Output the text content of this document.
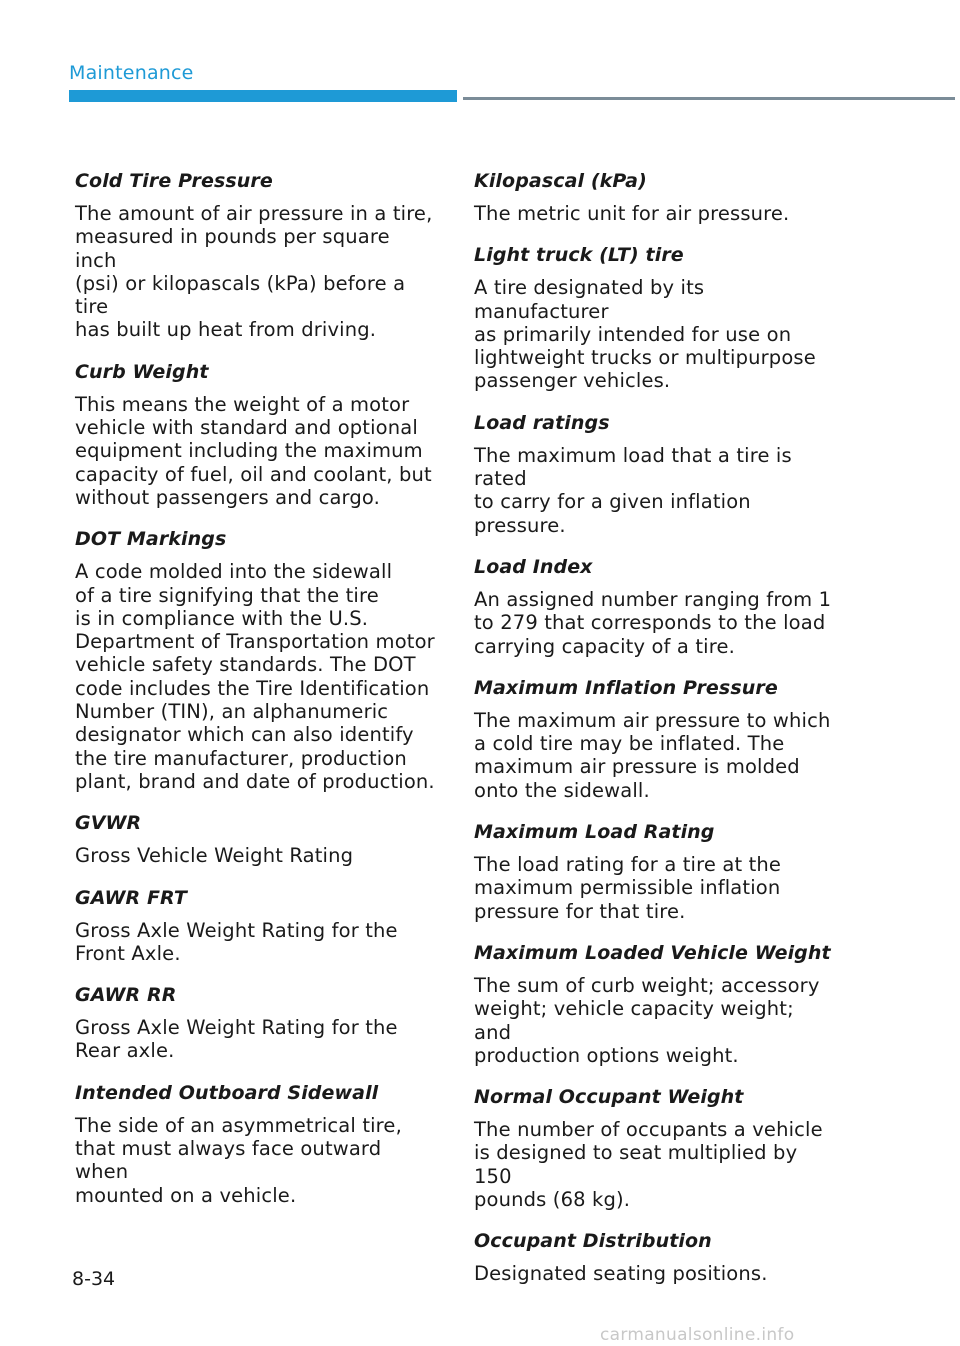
Maintenance
Cold Tire Pressure
The amount of air pressure in a tire,
measured in pounds per square inch
(psi) or kilopascals (kPa) before a tire
has built up heat from driving.
Curb Weight
This means the weight of a motor
vehicle with standard and optional
equipment including the maximum
capacity of fuel, oil and coolant, but
without passengers and cargo.
DOT Markings
A code molded into the sidewall
of a tire signifying that the tire
is in compliance with the U.S.
Department of Transportation motor
vehicle safety standards. The DOT
code includes the Tire Identification
Number (TIN), an alphanumeric
designator which can also identify
the tire manufacturer, production
plant, brand and date of production.
GVWR
Gross Vehicle Weight Rating
GAWR FRT
Gross Axle Weight Rating for the
Front Axle.
GAWR RR
Gross Axle Weight Rating for the
Rear axle.
Intended Outboard Sidewall
The side of an asymmetrical tire,
that must always face outward when
mounted on a vehicle.
Kilopascal (kPa)
The metric unit for air pressure.
Light truck (LT) tire
A tire designated by its manufacturer
as primarily intended for use on
lightweight trucks or multipurpose
passenger vehicles.
Load ratings
The maximum load that a tire is rated
to carry for a given inflation pressure.
Load Index
An assigned number ranging from 1
to 279 that corresponds to the load
carrying capacity of a tire.
Maximum Inflation Pressure
The maximum air pressure to which
a cold tire may be inflated. The
maximum air pressure is molded
onto the sidewall.
Maximum Load Rating
The load rating for a tire at the
maximum permissible inflation
pressure for that tire.
Maximum Loaded Vehicle Weight
The sum of curb weight; accessory
weight; vehicle capacity weight; and
production options weight.
Normal Occupant Weight
The number of occupants a vehicle
is designed to seat multiplied by 150
pounds (68 kg).
Occupant Distribution
Designated seating positions.
8-34
carmanualsonline.info
